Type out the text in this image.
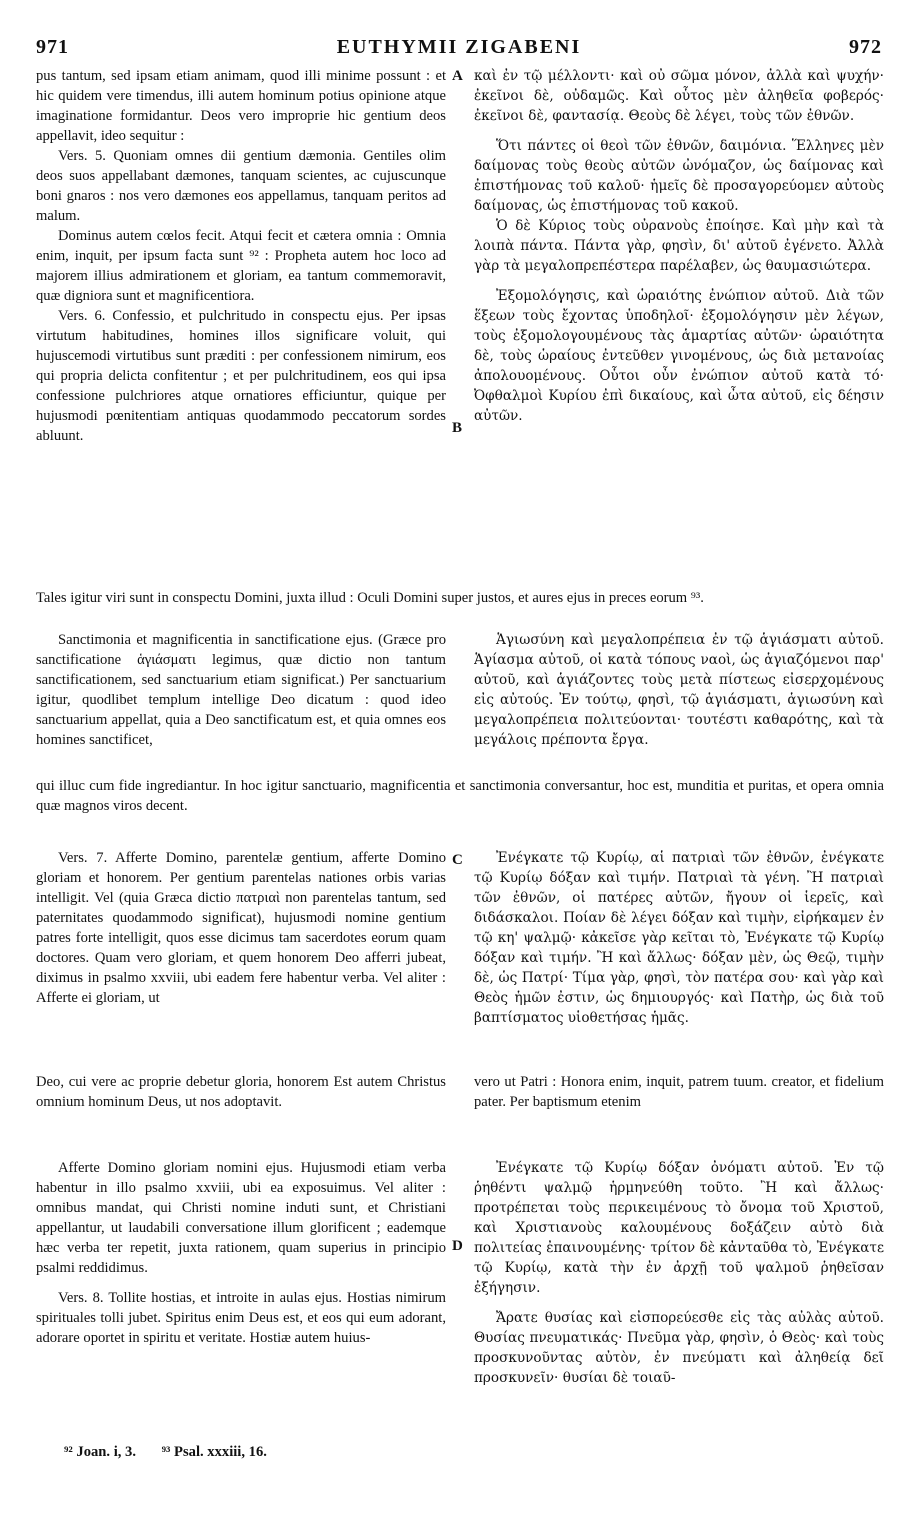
971	EUTHYMII ZIGABENI	972
A
B
C
D

pus tantum, sed ipsam etiam animam, quod illi minime possunt : et hic quidem vere timendus, illi autem hominum potius opinione atque imaginatione formidantur. Deos vero improprie hic gentium deos appellavit, ideo sequitur :

Vers. 5. Quoniam omnes dii gentium dæmonia. Gentiles olim deos suos appellabant dæmones, tanquam scientes, ac cujuscunque boni gnaros : nos vero dæmones eos appellamus, tanquam peritos ad malum.

Dominus autem cœlos fecit. Atqui fecit et cætera omnia : Omnia enim, inquit, per ipsum facta sunt ⁹² : Propheta autem hoc loco ad majorem illius admirationem et gloriam, ea tantum commemoravit, quæ digniora sunt et magnificentiora.

Vers. 6. Confessio, et pulchritudo in conspectu ejus. Per ipsas virtutum habitudines, homines illos significare voluit, qui hujuscemodi virtutibus sunt præditi : per confessionem nimirum, eos qui propria delicta confitentur ; et per pulchritudinem, eos qui ipsa confessione pulchriores atque ornatiores efficiuntur, quique per hujusmodi pœnitentiam antiquas quodammodo peccatorum sordes abluunt.

καὶ ἐν τῷ μέλλοντι· καὶ οὐ σῶμα μόνον, ἀλλὰ καὶ ψυχήν· ἐκεῖνοι δὲ, οὐδαμῶς. Καὶ οὗτος μὲν ἀληθεῖα φοβερός· ἐκεῖνοι δὲ, φαντασίᾳ. Θεοὺς δὲ λέγει, τοὺς τῶν ἐθνῶν.

Ὅτι πάντες οἱ θεοὶ τῶν ἐθνῶν, δαιμόνια. Ἕλληνες μὲν δαίμονας τοὺς θεοὺς αὐτῶν ὠνόμαζον, ὡς δαίμονας καὶ ἐπιστήμονας τοῦ καλοῦ· ἡμεῖς δὲ προσαγορεύομεν αὐτοὺς δαίμονας, ὡς ἐπιστήμονας τοῦ κακοῦ.

Ὁ δὲ Κύριος τοὺς οὐρανοὺς ἐποίησε. Καὶ μὴν καὶ τὰ λοιπὰ πάντα. Πάντα γὰρ, φησὶν, δι' αὐτοῦ ἐγένετο. Ἀλλὰ γὰρ τὰ μεγαλοπρεπέστερα παρέλαβεν, ὡς θαυμασιώτερα.

Ἐξομολόγησις, καὶ ὡραιότης ἐνώπιον αὐτοῦ. Διὰ τῶν ἕξεων τοὺς ἔχοντας ὑποδηλοῖ· ἐξομολόγησιν μὲν λέγων, τοὺς ἐξομολογουμένους τὰς ἁμαρτίας αὐτῶν· ὡραιότητα δὲ, τοὺς ὡραίους ἐντεῦθεν γινομένους, ὡς διὰ μετανοίας ἀπολουομένους. Οὗτοι οὖν ἐνώπιον αὐτοῦ κατὰ τό· Ὀφθαλμοὶ Κυρίου ἐπὶ δικαίους, καὶ ὦτα αὐτοῦ, εἰς δέησιν αὐτῶν.

Tales igitur viri sunt in conspectu Domini, juxta illud : Oculi Domini super justos, et aures ejus in preces eorum ⁹³.

Sanctimonia et magnificentia in sanctificatione ejus. (Græce pro sanctificatione ἁγιάσματι legimus, quæ dictio non tantum sanctificationem, sed sanctuarium etiam significat.) Per sanctuarium igitur, quodlibet templum intellige Deo dicatum : quod ideo sanctuarium appellat, quia a Deo sanctificatum est, et quia omnes eos homines sanctificet,

Ἁγιωσύνη καὶ μεγαλοπρέπεια ἐν τῷ ἁγιάσματι αὐτοῦ. Ἁγίασμα αὐτοῦ, οἱ κατὰ τόπους ναοὶ, ὡς ἁγιαζόμενοι παρ' αὐτοῦ, καὶ ἁγιάζοντες τοὺς μετὰ πίστεως εἰσερχομένους εἰς αὐτούς. Ἐν τούτῳ, φησὶ, τῷ ἁγιάσματι, ἁγιωσύνη καὶ μεγαλοπρέπεια πολιτεύονται· τουτέστι καθαρότης, καὶ τὰ μεγάλοις πρέποντα ἔργα.

qui illuc cum fide ingrediantur. In hoc igitur sanctuario, magnificentia et sanctimonia conversantur, hoc est, munditia et puritas, et opera omnia quæ magnos viros decent.

Vers. 7. Afferte Domino, parentelæ gentium, afferte Domino gloriam et honorem. Per gentium parentelas nationes orbis varias intelligit. Vel (quia Græca dictio πατριαὶ non parentelas tantum, sed paternitates quodammodo significat), hujusmodi nomine gentium patres forte intelligit, quos esse dicimus tam sacerdotes eorum quam doctores. Quam vero gloriam, et quem honorem Deo afferri jubeat, diximus in psalmo xxviii, ubi eadem fere habentur verba. Vel aliter : Afferte ei gloriam, ut

Ἐνέγκατε τῷ Κυρίῳ, αἱ πατριαὶ τῶν ἐθνῶν, ἐνέγκατε τῷ Κυρίῳ δόξαν καὶ τιμήν. Πατριαὶ τὰ γένη. Ἢ πατριαὶ τῶν ἐθνῶν, οἱ πατέρες αὐτῶν, ἤγουν οἱ ἱερεῖς, καὶ διδάσκαλοι. Ποίαν δὲ λέγει δόξαν καὶ τιμὴν, εἰρήκαμεν ἐν τῷ κη' ψαλμῷ· κἀκεῖσε γὰρ κεῖται τὸ, Ἐνέγκατε τῷ Κυρίῳ δόξαν καὶ τιμήν. Ἢ καὶ ἄλλως· δόξαν μὲν, ὡς Θεῷ, τιμὴν δὲ, ὡς Πατρί· Τίμα γὰρ, φησὶ, τὸν πατέρα σου· καὶ γὰρ καὶ Θεὸς ἡμῶν ἐστιν, ὡς δημιουργός· καὶ Πατὴρ, ὡς διὰ τοῦ βαπτίσματος υἱοθετήσας ἡμᾶς.

Deo, cui vere ac proprie debetur gloria, honorem Est autem Christus omnium hominum Deus, ut nos adoptavit.

vero ut Patri : Honora enim, inquit, patrem tuum. creator, et fidelium pater. Per baptismum etenim

Afferte Domino gloriam nomini ejus. Hujusmodi etiam verba habentur in illo psalmo xxviii, ubi ea exposuimus. Vel aliter : omnibus mandat, qui Christi nomine induti sunt, et Christiani appellantur, ut laudabili conversatione illum glorificent ; eademque hæc verba ter repetit, juxta rationem, quam superius in principio psalmi reddidimus.

Vers. 8. Tollite hostias, et introite in aulas ejus. Hostias nimirum spirituales tolli jubet. Spiritus enim Deus est, et eos qui eum adorant, adorare oportet in spiritu et veritate. Hostiæ autem huius-

Ἐνέγκατε τῷ Κυρίῳ δόξαν ὀνόματι αὐτοῦ. Ἐν τῷ ῥηθέντι ψαλμῷ ἡρμηνεύθη τοῦτο. Ἢ καὶ ἄλλως· προτρέπεται τοὺς περικειμένους τὸ ὄνομα τοῦ Χριστοῦ, καὶ Χριστιανοὺς καλουμένους δοξάζειν αὐτὸ διὰ πολιτείας ἐπαινουμένης· τρίτον δὲ κἀνταῦθα τὸ, Ἐνέγκατε τῷ Κυρίῳ, κατὰ τὴν ἐν ἀρχῇ τοῦ ψαλμοῦ ῥηθεῖσαν ἐξήγησιν.

Ἄρατε θυσίας καὶ εἰσπορεύεσθε εἰς τὰς αὐλὰς αὐτοῦ. Θυσίας πνευματικάς· Πνεῦμα γὰρ, φησὶν, ὁ Θεὸς· καὶ τοὺς προσκυνοῦντας αὐτὸν, ἐν πνεύματι καὶ ἀληθείᾳ δεῖ προσκυνεῖν· θυσίαι δὲ τοιαῦ-

⁹² Joan. i, 3. ⁹³ Psal. xxxiii, 16.
